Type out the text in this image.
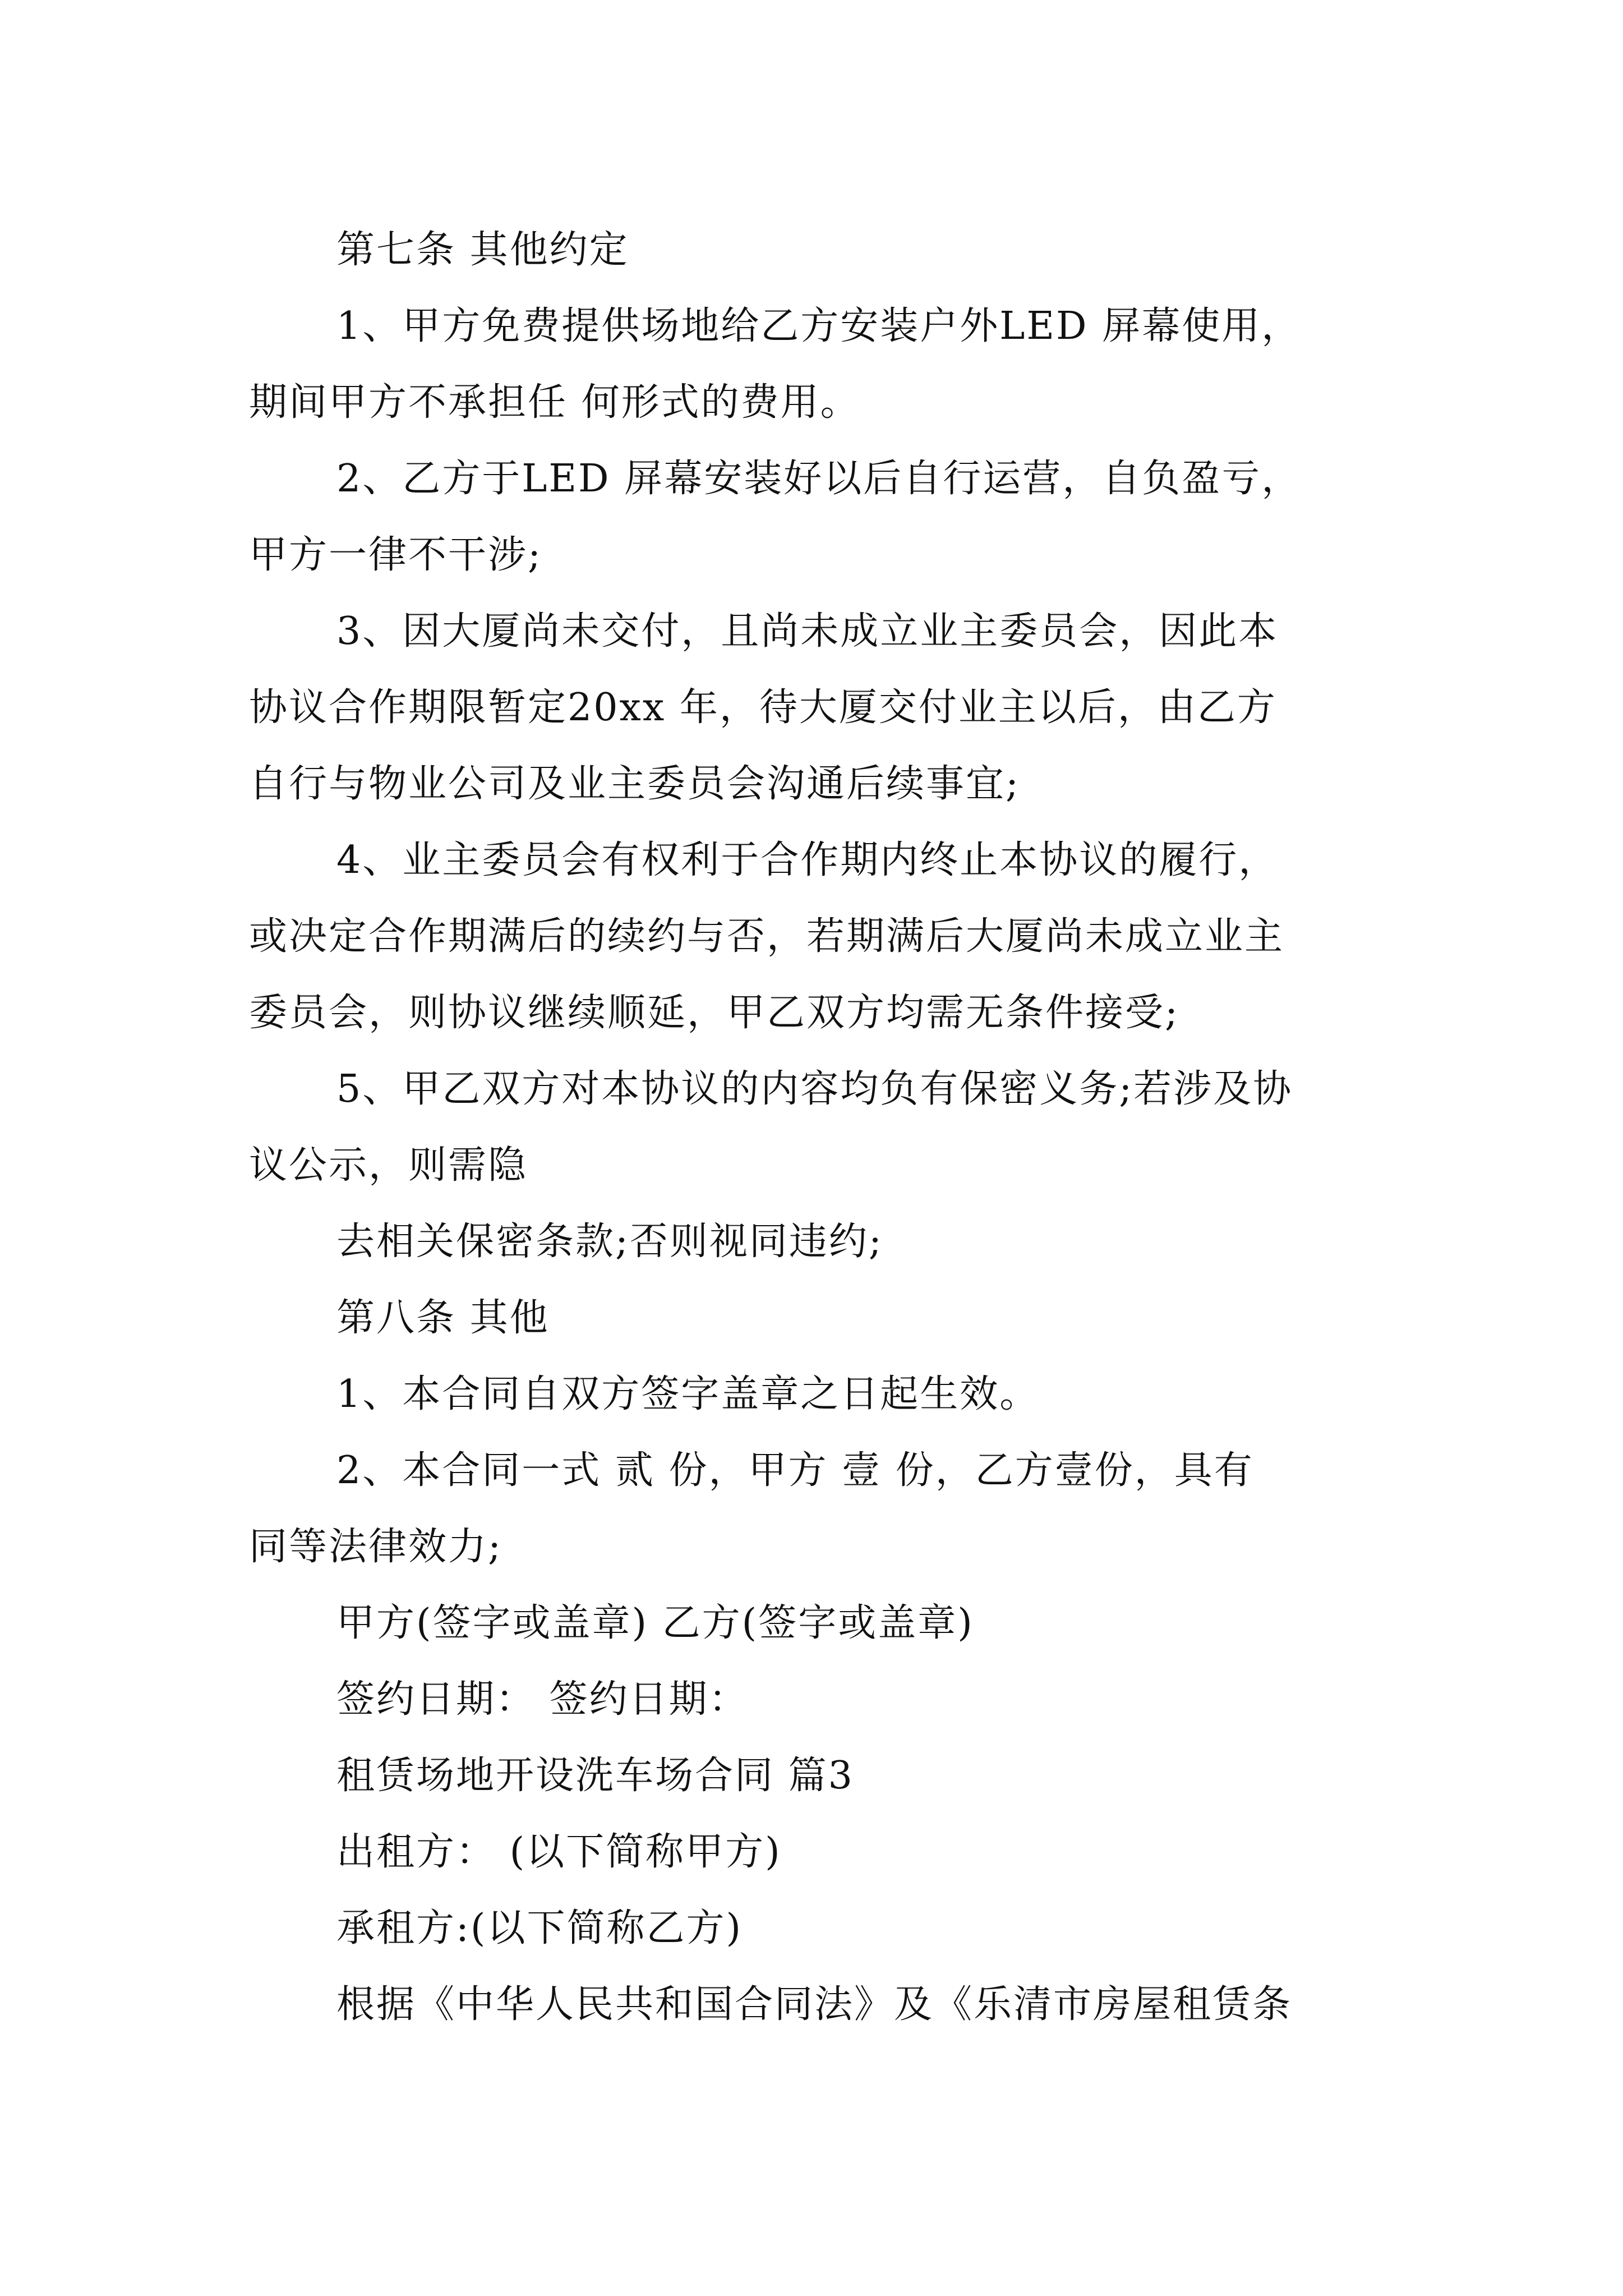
第七条 其他约定

1、甲方免费提供场地给乙方安装户外LED 屏幕使用，

期间甲方不承担任 何形式的费用。

2、乙方于LED 屏幕安装好以后自行运营，自负盈亏，

甲方一律不干涉;

3、因大厦尚未交付，且尚未成立业主委员会，因此本

协议合作期限暂定20xx 年，待大厦交付业主以后，由乙方

自行与物业公司及业主委员会沟通后续事宜;

4、业主委员会有权利于合作期内终止本协议的履行，

或决定合作期满后的续约与否，若期满后大厦尚未成立业主

委员会，则协议继续顺延，甲乙双方均需无条件接受;

5、甲乙双方对本协议的内容均负有保密义务;若涉及协

议公示，则需隐

去相关保密条款;否则视同违约;

第八条 其他

1、本合同自双方签字盖章之日起生效。

2、本合同一式 贰 份，甲方 壹 份，乙方壹份，具有

同等法律效力;

甲方(签字或盖章) 乙方(签字或盖章)

签约日期： 签约日期：

租赁场地开设洗车场合同 篇3

出租方： (以下简称甲方)

承租方:(以下简称乙方)

根据《中华人民共和国合同法》及《乐清市房屋租赁条
